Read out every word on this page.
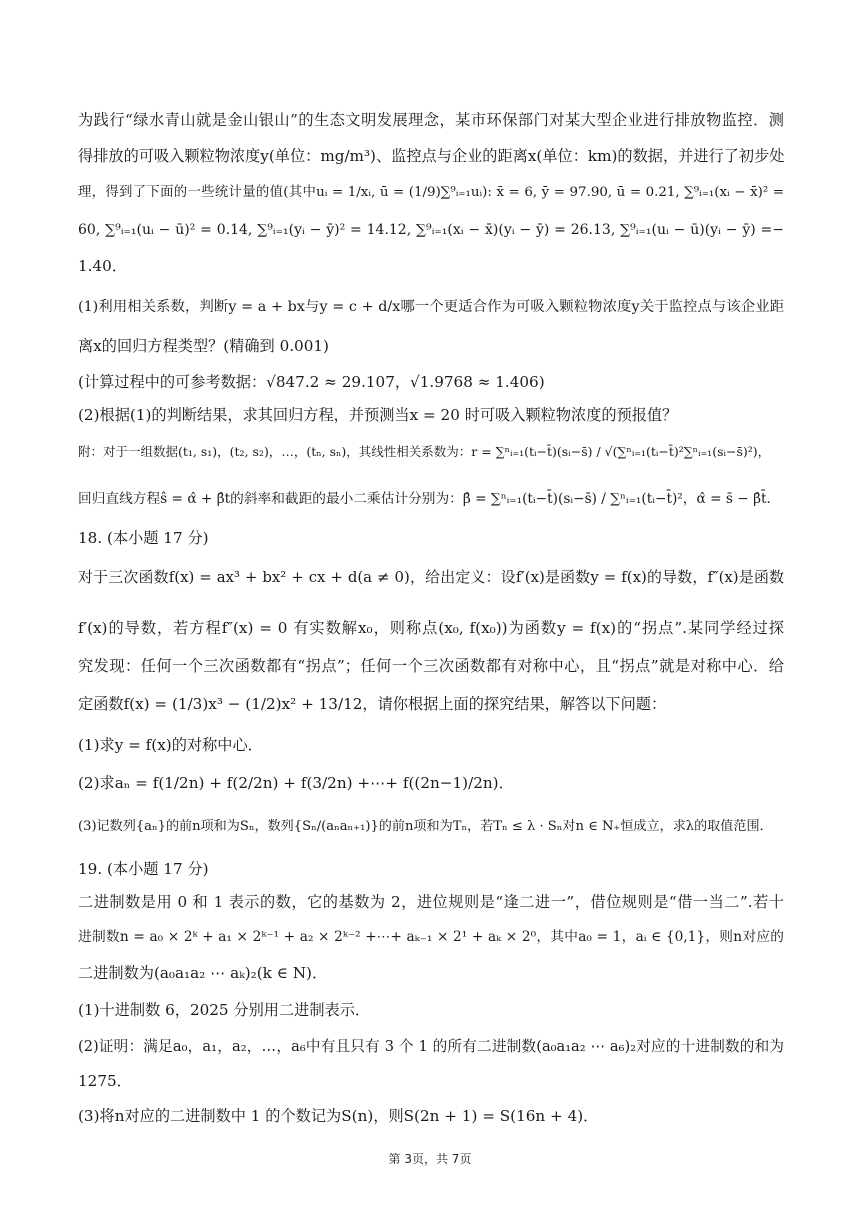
为践行“绿水青山就是金山银山”的生态文明发展理念，某市环保部门对某大型企业进行排放物监控．测
得排放的可吸入颗粒物浓度y(单位：mg/m³)、监控点与企业的距离x(单位：km)的数据，并进行了初步处
理，得到了下面的一些统计量的值(其中uᵢ = 1/xᵢ, ū = (1/9)∑⁹ᵢ₌₁uᵢ): x̄ = 6, ȳ = 97.90, ū = 0.21, ∑⁹ᵢ₌₁(xᵢ − x̄)² =
60, ∑⁹ᵢ₌₁(uᵢ − ū)² = 0.14, ∑⁹ᵢ₌₁(yᵢ − ȳ)² = 14.12, ∑⁹ᵢ₌₁(xᵢ − x̄)(yᵢ − ȳ) = 26.13, ∑⁹ᵢ₌₁(uᵢ − ū)(yᵢ − ȳ) =−
1.40．
(1)利用相关系数，判断y = a + bx与y = c + d/x哪一个更适合作为可吸入颗粒物浓度y关于监控点与该企业距
离x的回归方程类型？(精确到 0.001)
(计算过程中的可参考数据：√847.2 ≈ 29.107，√1.9768 ≈ 1.406)
(2)根据(1)的判断结果，求其回归方程，并预测当x = 20 时可吸入颗粒物浓度的预报值？
附：对于一组数据(t₁, s₁)，(t₂, s₂)，…，(tₙ, sₙ)，其线性相关系数为：r = ∑ⁿᵢ₌₁(tᵢ−t̄)(sᵢ−s̄) / √(∑ⁿᵢ₌₁(tᵢ−t̄)²∑ⁿᵢ₌₁(sᵢ−s̄)²)，
回归直线方程ŝ = α̂ + β̂t的斜率和截距的最小二乘估计分别为：β̂ = ∑ⁿᵢ₌₁(tᵢ−t̄)(sᵢ−s̄) / ∑ⁿᵢ₌₁(tᵢ−t̄)²，α̂ = s̄ − β̂t̄．
18. (本小题 17 分)
对于三次函数f(x) = ax³ + bx² + cx + d(a ≠ 0)，给出定义：设f′(x)是函数y = f(x)的导数，f″(x)是函数
f′(x)的导数，若方程f″(x) = 0 有实数解x₀，则称点(x₀, f(x₀))为函数y = f(x)的“拐点”.某同学经过探
究发现：任何一个三次函数都有“拐点”；任何一个三次函数都有对称中心，且“拐点”就是对称中心．给
定函数f(x) = (1/3)x³ − (1/2)x² + 13/12，请你根据上面的探究结果，解答以下问题：
(1)求y = f(x)的对称中心．
(2)求aₙ = f(1/2n) + f(2/2n) + f(3/2n) +⋯+ f((2n−1)/2n)．
(3)记数列{aₙ}的前n项和为Sₙ，数列{Sₙ/(aₙaₙ₊₁)}的前n项和为Tₙ，若Tₙ ≤ λ · Sₙ对n ∈ N₊恒成立，求λ的取值范围．
19. (本小题 17 分)
二进制数是用 0 和 1 表示的数，它的基数为 2，进位规则是“逢二进一”，借位规则是“借一当二”.若十
进制数n = a₀ × 2ᵏ + a₁ × 2ᵏ⁻¹ + a₂ × 2ᵏ⁻² +⋯+ aₖ₋₁ × 2¹ + aₖ × 2⁰，其中a₀ = 1，aᵢ ∈ {0,1}，则n对应的
二进制数为(a₀a₁a₂ ⋯ aₖ)₂(k ∈ N)．
(1)十进制数 6，2025 分别用二进制表示．
(2)证明：满足a₀，a₁，a₂，…，a₆中有且只有 3 个 1 的所有二进制数(a₀a₁a₂ ⋯ a₆)₂对应的十进制数的和为
1275．
(3)将n对应的二进制数中 1 的个数记为S(n)，则S(2n + 1) = S(16n + 4)．
第 3页，共 7页
